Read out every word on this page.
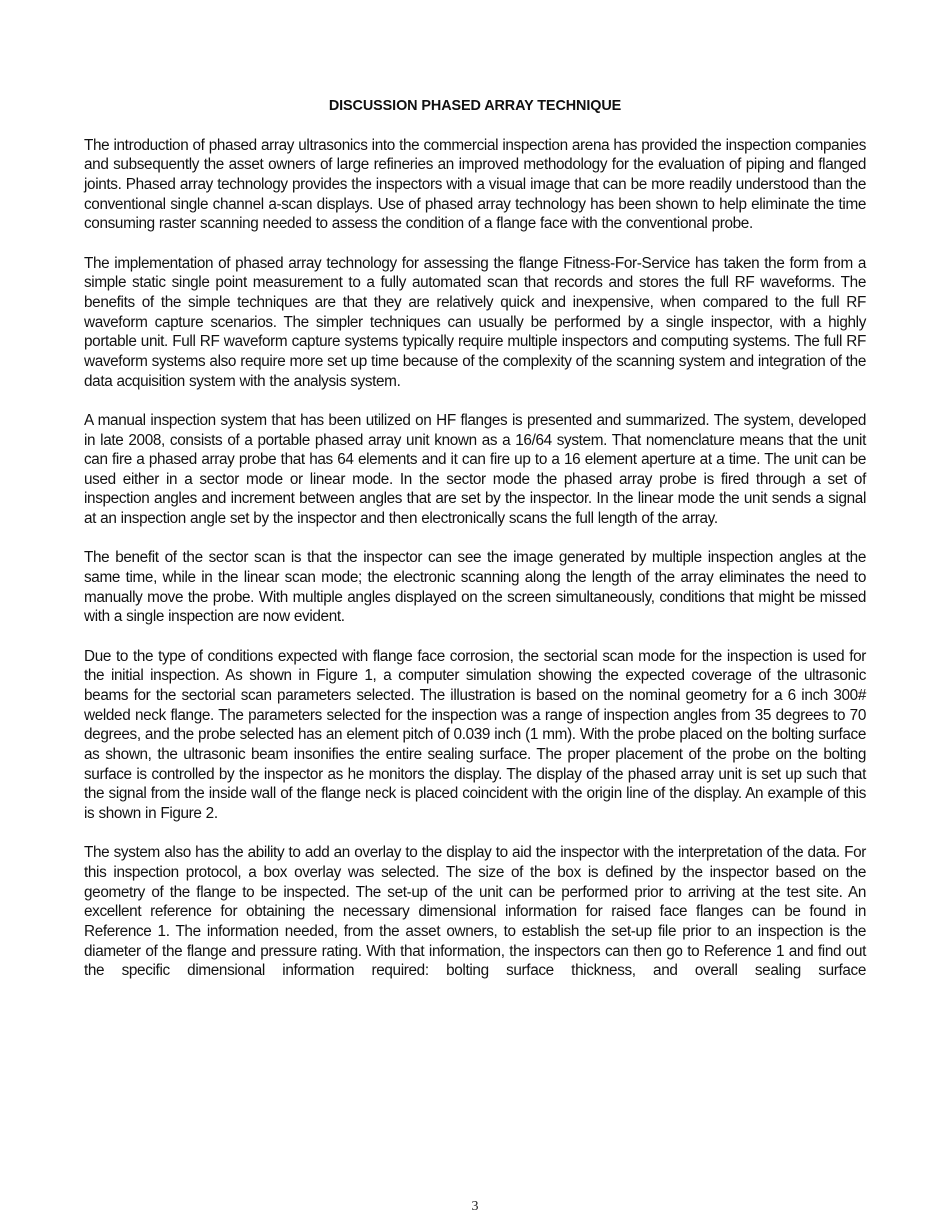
DISCUSSION PHASED ARRAY TECHNIQUE

The introduction of phased array ultrasonics into the commercial inspection arena has provided the inspection companies and subsequently the asset owners of large refineries an improved methodology for the evaluation of piping and flanged joints. Phased array technology provides the inspectors with a visual image that can be more readily understood than the conventional single channel a-scan displays. Use of phased array technology has been shown to help eliminate the time consuming raster scanning needed to assess the condition of a flange face with the conventional probe.

The implementation of phased array technology for assessing the flange Fitness-For-Service has taken the form from a simple static single point measurement to a fully automated scan that records and stores the full RF waveforms. The benefits of the simple techniques are that they are relatively quick and inexpensive, when compared to the full RF waveform capture scenarios. The simpler techniques can usually be performed by a single inspector, with a highly portable unit. Full RF waveform capture systems typically require multiple inspectors and computing systems. The full RF waveform systems also require more set up time because of the complexity of the scanning system and integration of the data acquisition system with the analysis system.

A manual inspection system that has been utilized on HF flanges is presented and summarized. The system, developed in late 2008, consists of a portable phased array unit known as a 16/64 system. That nomenclature means that the unit can fire a phased array probe that has 64 elements and it can fire up to a 16 element aperture at a time. The unit can be used either in a sector mode or linear mode. In the sector mode the phased array probe is fired through a set of inspection angles and increment between angles that are set by the inspector. In the linear mode the unit sends a signal at an inspection angle set by the inspector and then electronically scans the full length of the array.

The benefit of the sector scan is that the inspector can see the image generated by multiple inspection angles at the same time, while in the linear scan mode; the electronic scanning along the length of the array eliminates the need to manually move the probe. With multiple angles displayed on the screen simultaneously, conditions that might be missed with a single inspection are now evident.

Due to the type of conditions expected with flange face corrosion, the sectorial scan mode for the inspection is used for the initial inspection. As shown in Figure 1, a computer simulation showing the expected coverage of the ultrasonic beams for the sectorial scan parameters selected. The illustration is based on the nominal geometry for a 6 inch 300# welded neck flange. The parameters selected for the inspection was a range of inspection angles from 35 degrees to 70 degrees, and the probe selected has an element pitch of 0.039 inch (1 mm). With the probe placed on the bolting surface as shown, the ultrasonic beam insonifies the entire sealing surface. The proper placement of the probe on the bolting surface is controlled by the inspector as he monitors the display. The display of the phased array unit is set up such that the signal from the inside wall of the flange neck is placed coincident with the origin line of the display. An example of this is shown in Figure 2.

The system also has the ability to add an overlay to the display to aid the inspector with the interpretation of the data. For this inspection protocol, a box overlay was selected. The size of the box is defined by the inspector based on the geometry of the flange to be inspected. The set-up of the unit can be performed prior to arriving at the test site. An excellent reference for obtaining the necessary dimensional information for raised face flanges can be found in Reference 1. The information needed, from the asset owners, to establish the set-up file prior to an inspection is the diameter of the flange and pressure rating. With that information, the inspectors can then go to Reference 1 and find out the specific dimensional information required: bolting surface thickness, and overall sealing surface

3
